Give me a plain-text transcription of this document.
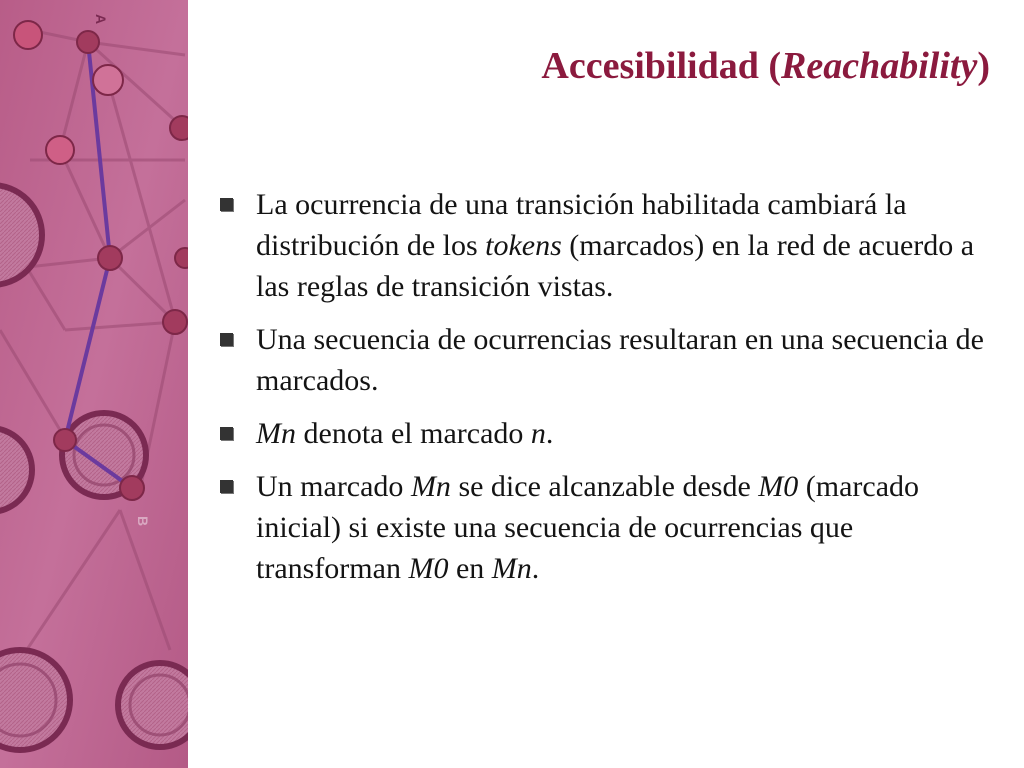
A
B
Accesibilidad (Reachability)
La ocurrencia de una transición habilitada cambiará la distribución de los tokens (marcados) en la red de acuerdo a las reglas de transición vistas.
Una secuencia de ocurrencias resultaran en una secuencia de marcados.
Mn denota el marcado n.
Un marcado Mn se dice alcanzable desde M0 (marcado inicial) si existe una secuencia de ocurrencias que transforman M0 en Mn.
